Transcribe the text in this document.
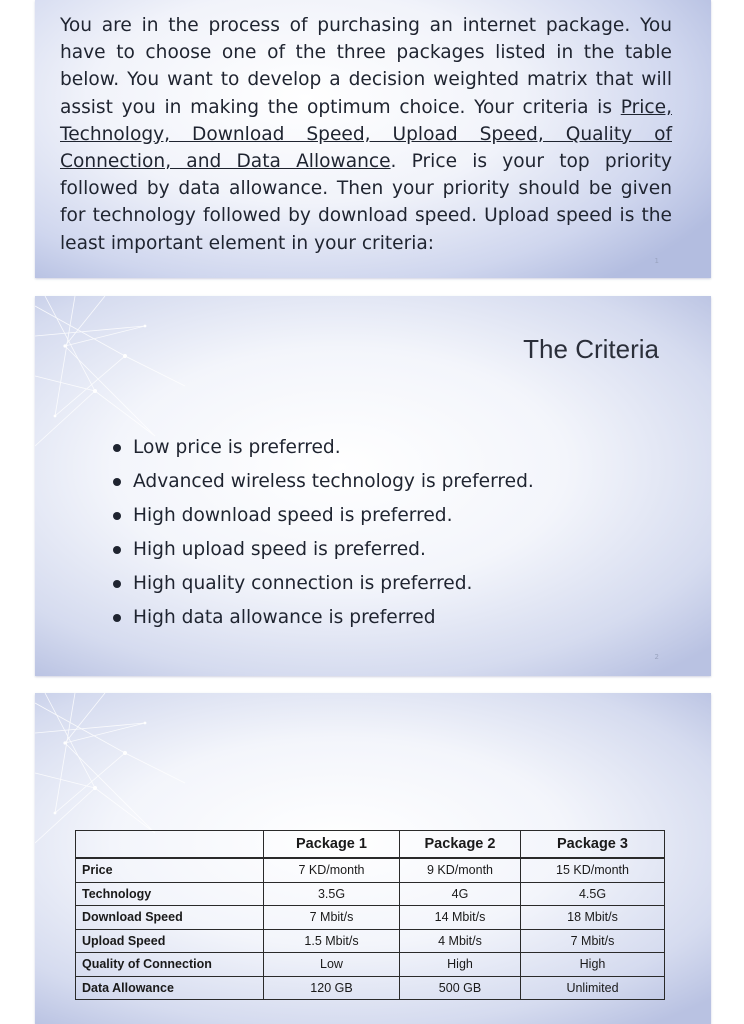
You are in the process of purchasing an internet package. You have to choose one of the three packages listed in the table below. You want to develop a decision weighted matrix that will assist you in making the optimum choice. Your criteria is Price, Technology, Download Speed, Upload Speed, Quality of Connection, and Data Allowance. Price is your top priority followed by data allowance. Then your priority should be given for technology followed by download speed. Upload speed is the least important element in your criteria:

1
The Criteria
Low price is preferred.
Advanced wireless technology is preferred.
High download speed is preferred.
High upload speed is preferred.
High quality connection is preferred.
High data allowance is preferred
2
	Package 1	Package 2	Package 3
Price	7 KD/month	9 KD/month	15 KD/month
Technology	3.5G	4G	4.5G
Download Speed	7 Mbit/s	14 Mbit/s	18 Mbit/s
Upload Speed	1.5 Mbit/s	4 Mbit/s	7 Mbit/s
Quality of Connection	Low	High	High
Data Allowance	120 GB	500 GB	Unlimited
